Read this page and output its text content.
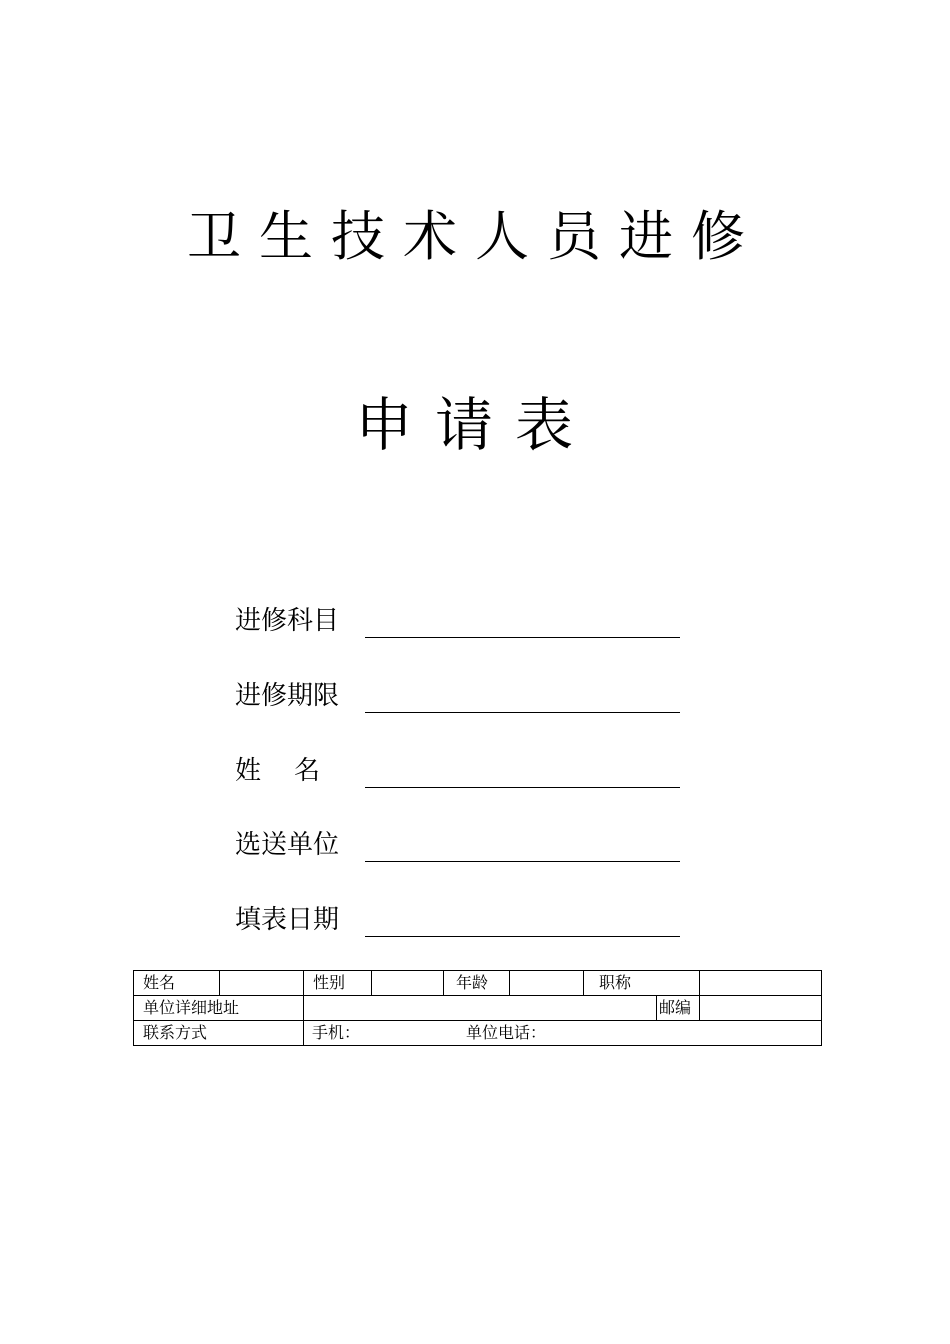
卫生技术人员进修
申请表
进修科目
进修期限
姓    名
选送单位
填表日期
姓名		性别		年龄		职称		
单位详细地址							邮编	
联系方式		手机： 单位电话：						
